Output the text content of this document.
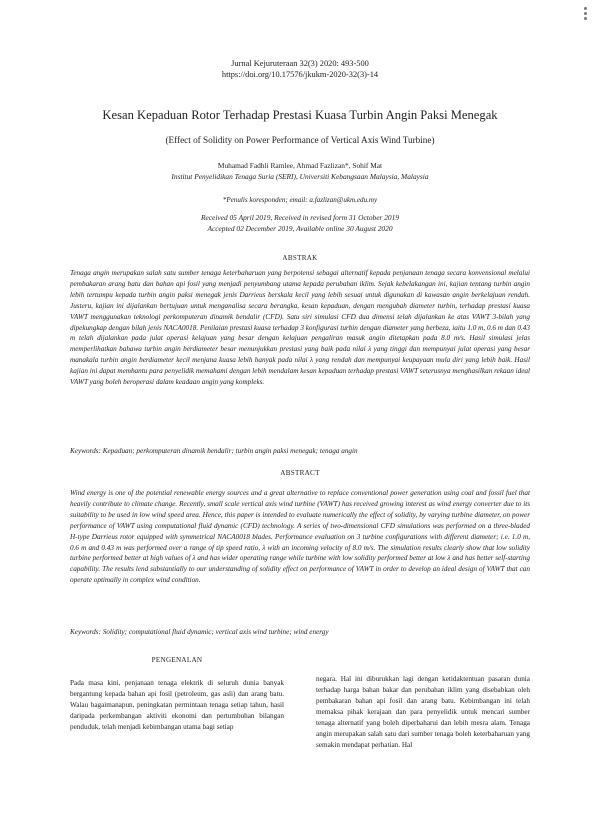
Jurnal Kejuruteraan 32(3) 2020: 493-500
https://doi.org/10.17576/jkukm-2020-32(3)-14
Kesan Kepaduan Rotor Terhadap Prestasi Kuasa Turbin Angin Paksi Menegak
(Effect of Solidity on Power Performance of Vertical Axis Wind Turbine)
Muhamad Fadhli Ramlee, Ahmad Fazlizan*, Sohif Mat
Institut Penyelidikan Tenaga Suria (SERI), Universiti Kebangsaan Malaysia, Malaysia
*Penulis koresponden; email: a.fazlizan@ukm.edu.my
Received 05 April 2019, Received in revised form 31 October 2019
Accepted 02 December 2019, Available online 30 August 2020
ABSTRAK
Tenaga angin merupakan salah satu sumber tenaga keterbaharuan yang berpotensi sebagai alternatif kepada penjanaan tenaga secara konvensional melalui pembakaran arang batu dan bahan api fosil yang menjadi penyumbang utama kepada perubahan iklim. Sejak kebelakangan ini, kajian tentang turbin angin lebih tertumpu kepada turbin angin paksi menegak jenis Darrieus berskala kecil yang lebih sesuai untuk digunakan di kawasan angin berkelajuan rendah. Justeru, kajian ini dijalankan bertujuan untuk menganalisa secara berangka, kesan kepaduan, dengan mengubah diameter turbin, terhadap prestasi kuasa VAWT menggunakan teknologi perkomputeran dinamik bendalir (CFD). Satu siri simulasi CFD dua dimensi telah dijalankan ke atas VAWT 3-bilah yang dipekungkap dengan bilah jenis NACA0018. Penilaian prestasi kuasa terhadap 3 konfigurasi turbin dengan diameter yang berbeza, iaitu 1.0 m, 0.6 m dan 0.43 m telah dijalankan pada julat operasi kelajuan yang besar dengan kelajuan pengaliran masuk angin ditetapkan pada 8.0 m/s. Hasil simulasi jelas memperlihatkan bahawa turbin angin berdiameter besar menunjukkan prestasi yang baik pada nilai λ yang tinggi dan mempunyai julat operasi yang besar manakala turbin angin berdiameter kecil menjana kuasa lebih banyak pada nilai λ yang rendah dan mempunyai keupayaan mula diri yang lebih baik. Hasil kajian ini dapat membantu para penyelidik memahami dengan lebih mendalam kesan kepaduan terhadap prestasi VAWT seterusnya menghasilkan rekaan ideal VAWT yang boleh beroperasi dalam keadaan angin yang kompleks.
Keywords: Kepaduan; perkomputeran dinamik bendalir; turbin angin paksi menegak; tenaga angin
ABSTRACT
Wind energy is one of the potential renewable energy sources and a great alternative to replace conventional power generation using coal and fossil fuel that heavily contribute to climate change. Recently, small scale vertical axis wind turbine (VAWT) has received growing interest as wind energy converter due to its suitability to be used in low wind speed area. Hence, this paper is intended to evaluate numerically the effect of solidity, by varying turbine diameter, on power performance of VAWT using computational fluid dynamic (CFD) technology. A series of two-dimensional CFD simulations was performed on a three-bladed H-type Darrieus rotor equipped with symmetrical NACA0018 blades. Performance evaluation on 3 turbine configurations with different diameter; i.e. 1.0 m, 0.6 m and 0.43 m was performed over a range of tip speed ratio, λ with an incoming velocity of 8.0 m/s. The simulation results clearly show that low solidity turbine performed better at high values of λ and has wider operating range while turbine with low solidity performed better at low λ and has better self-starting capability. The results lend substantially to our understanding of solidity effect on performance of VAWT in order to develop an ideal design of VAWT that can operate optimally in complex wind condition.
Keywords: Solidity; computational fluid dynamic; vertical axis wind turbine; wind energy
PENGENALAN
Pada masa kini, penjanaan tenaga elektrik di seluruh dunia banyak bergantung kepada bahan api fosil (petroleum, gas asli) dan arang batu. Walau bagaimanapun, peningkatan permintaan tenaga setiap tahun, hasil daripada perkembangan aktiviti ekonomi dan pertumbuhan bilangan penduduk, telah menjadi kebimbangan utama bagi setiap
negara. Hal ini diburukkan lagi dengan ketidaktentuan pasaran dunia terhadap harga bahan bakar dan perubahan iklim yang disebabkan oleh pembakaran bahan api fosil dan arang batu. Kebimbangan ini telah memaksa pihak kerajaan dan para penyelidik untuk mencari sumber tenaga alternatif yang boleh diperbaharui dan lebih mesra alam. Tenaga angin merupakan salah satu dari sumber tenaga boleh keterbaharuan yang semakin mendapat perhatian. Hal
